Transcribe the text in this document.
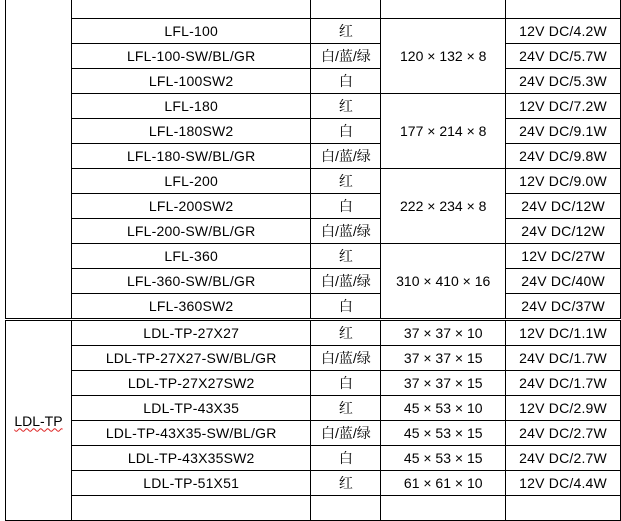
	LFL-100	红	120 × 132 × 8	12V DC/4.2W
	LFL-100-SW/BL/GR	白/蓝/绿		24V DC/5.7W
	LFL-100SW2	白		24V DC/5.3W
	LFL-180	红	177 × 214 × 8	12V DC/7.2W
	LFL-180SW2	白		24V DC/9.1W
	LFL-180-SW/BL/GR	白/蓝/绿		24V DC/9.8W
	LFL-200	红	222 × 234 × 8	12V DC/9.0W
	LFL-200SW2	白		24V DC/12W
	LFL-200-SW/BL/GR	白/蓝/绿		24V DC/12W
	LFL-360	红	310 × 410 × 16	12V DC/27W
	LFL-360-SW/BL/GR	白/蓝/绿		24V DC/40W
	LFL-360SW2	白		24V DC/37W
LDL-TP	LDL-TP-27X27	红	37 × 37 × 10	12V DC/1.1W
	LDL-TP-27X27-SW/BL/GR	白/蓝/绿	37 × 37 × 15	24V DC/1.7W
	LDL-TP-27X27SW2	白	37 × 37 × 15	24V DC/1.7W
	LDL-TP-43X35	红	45 × 53 × 10	12V DC/2.9W
	LDL-TP-43X35-SW/BL/GR	白/蓝/绿	45 × 53 × 15	24V DC/2.7W
	LDL-TP-43X35SW2	白	45 × 53 × 15	24V DC/2.7W
	LDL-TP-51X51	红	61 × 61 × 10	12V DC/4.4W
